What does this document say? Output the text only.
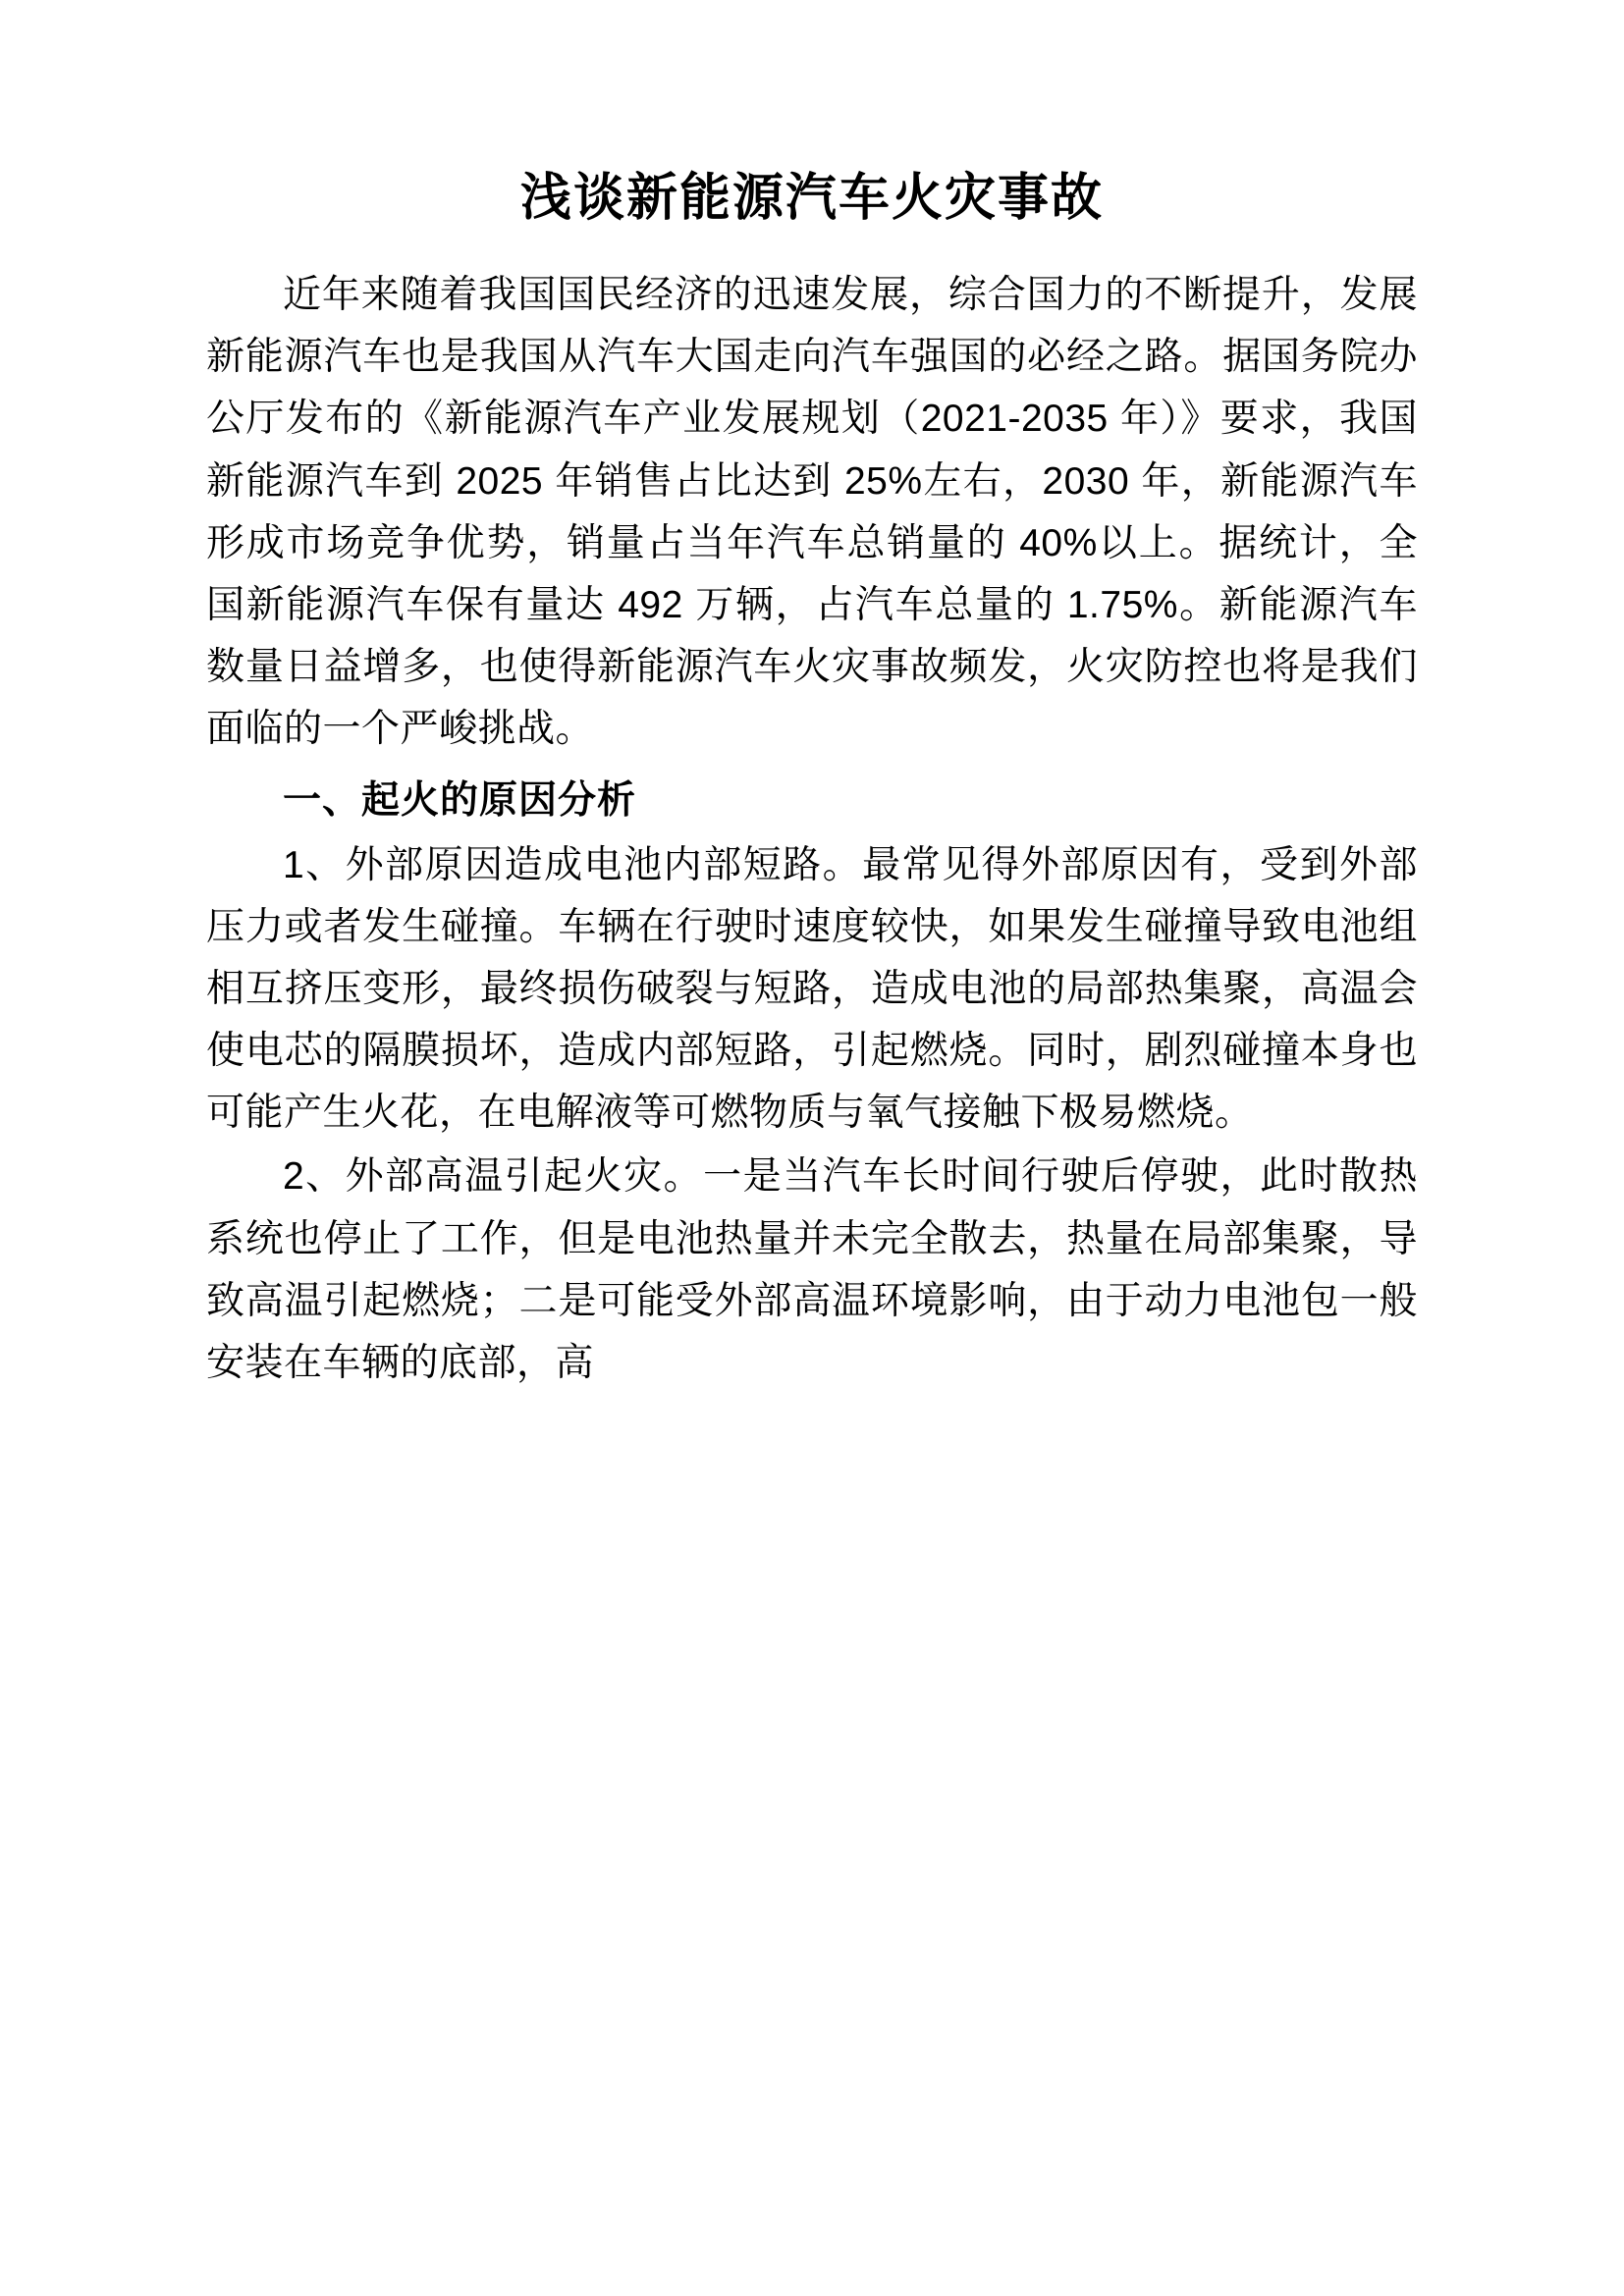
浅谈新能源汽车火灾事故

近年来随着我国国民经济的迅速发展，综合国力的不断提升，发展新能源汽车也是我国从汽车大国走向汽车强国的必经之路。据国务院办公厅发布的《新能源汽车产业发展规划（2021-2035 年）》要求，我国新能源汽车到 2025 年销售占比达到 25%左右，2030 年，新能源汽车形成市场竞争优势，销量占当年汽车总销量的 40%以上。据统计，全国新能源汽车保有量达 492 万辆，占汽车总量的 1.75%。新能源汽车数量日益增多，也使得新能源汽车火灾事故频发，火灾防控也将是我们面临的一个严峻挑战。

一、起火的原因分析

1、外部原因造成电池内部短路。最常见得外部原因有，受到外部压力或者发生碰撞。车辆在行驶时速度较快，如果发生碰撞导致电池组相互挤压变形，最终损伤破裂与短路，造成电池的局部热集聚，高温会使电芯的隔膜损坏，造成内部短路，引起燃烧。同时，剧烈碰撞本身也可能产生火花，在电解液等可燃物质与氧气接触下极易燃烧。

2、外部高温引起火灾。一是当汽车长时间行驶后停驶，此时散热系统也停止了工作，但是电池热量并未完全散去，热量在局部集聚，导致高温引起燃烧；二是可能受外部高温环境影响，由于动力电池包一般安装在车辆的底部，高
